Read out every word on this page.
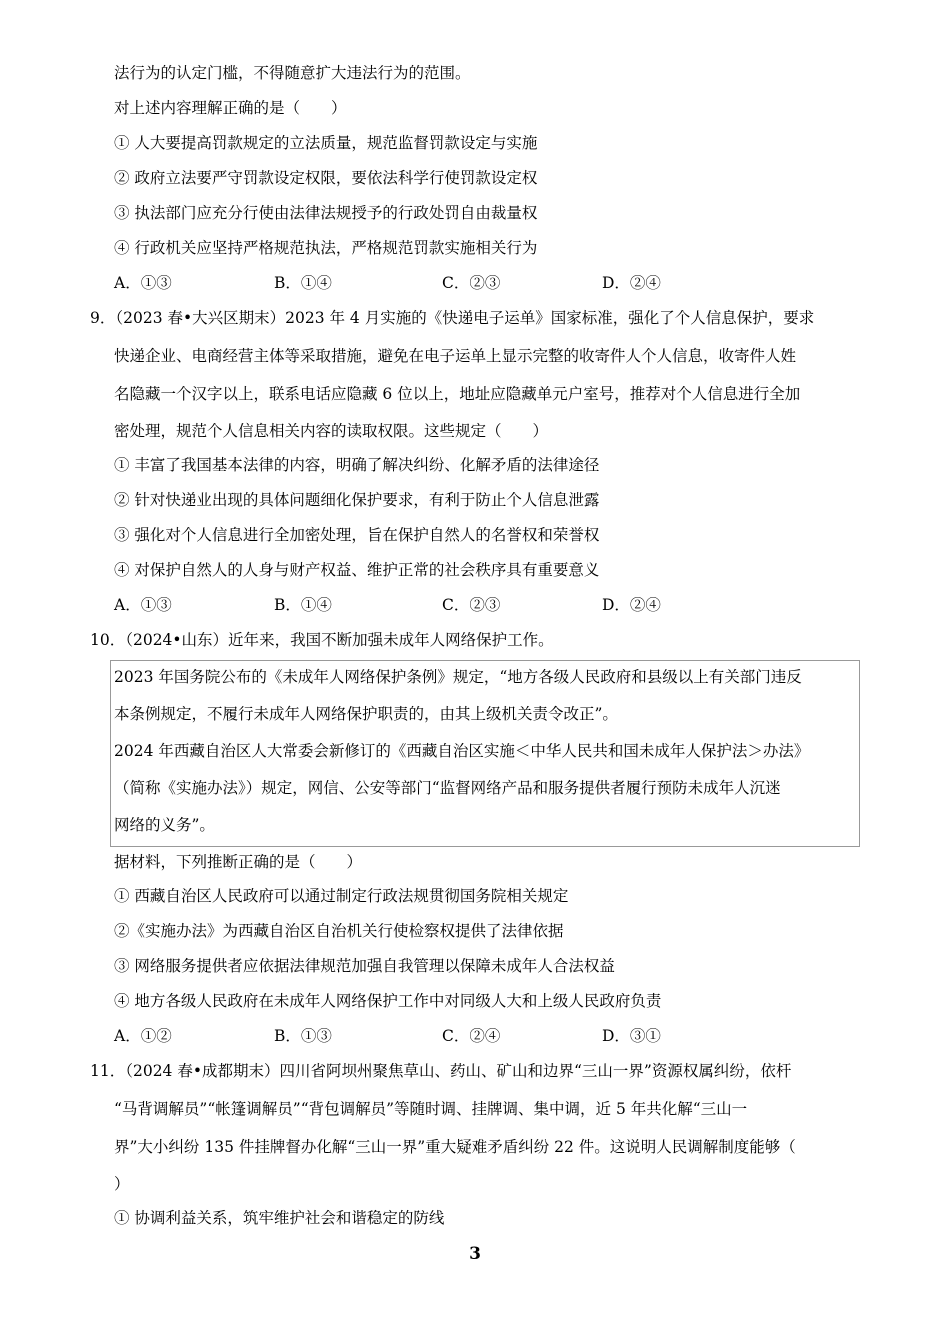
法行为的认定门槛，不得随意扩大违法行为的范围。
对上述内容理解正确的是（　　）
① 人大要提高罚款规定的立法质量，规范监督罚款设定与实施
② 政府立法要严守罚款设定权限，要依法科学行使罚款设定权
③ 执法部门应充分行使由法律法规授予的行政处罚自由裁量权
④ 行政机关应坚持严格规范执法，严格规范罚款实施相关行为
A．①③	B．①④	C．②③	D．②④
9．（2023 春•大兴区期末）2023 年 4 月实施的《快递电子运单》国家标准，强化了个人信息保护，要求
快递企业、电商经营主体等采取措施，避免在电子运单上显示完整的收寄件人个人信息，收寄件人姓
名隐藏一个汉字以上，联系电话应隐藏 6 位以上，地址应隐藏单元户室号，推荐对个人信息进行全加
密处理，规范个人信息相关内容的读取权限。这些规定（　　）
① 丰富了我国基本法律的内容，明确了解决纠纷、化解矛盾的法律途径
② 针对快递业出现的具体问题细化保护要求，有利于防止个人信息泄露
③ 强化对个人信息进行全加密处理，旨在保护自然人的名誉权和荣誉权
④ 对保护自然人的人身与财产权益、维护正常的社会秩序具有重要意义
A．①③	B．①④	C．②③	D．②④
10．（2024•山东）近年来，我国不断加强未成年人网络保护工作。
2023 年国务院公布的《未成年人网络保护条例》规定，“地方各级人民政府和县级以上有关部门违反
本条例规定，不履行未成年人网络保护职责的，由其上级机关责令改正”。
2024 年西藏自治区人大常委会新修订的《西藏自治区实施＜中华人民共和国未成年人保护法＞办法》
（简称《实施办法》）规定，网信、公安等部门“监督网络产品和服务提供者履行预防未成年人沉迷
网络的义务”。
据材料，下列推断正确的是（　　）
① 西藏自治区人民政府可以通过制定行政法规贯彻国务院相关规定
②《实施办法》为西藏自治区自治机关行使检察权提供了法律依据
③ 网络服务提供者应依据法律规范加强自我管理以保障未成年人合法权益
④ 地方各级人民政府在未成年人网络保护工作中对同级人大和上级人民政府负责
A．①②	B．①③	C．②④	D．③①
11．（2024 春•成都期末）四川省阿坝州聚焦草山、药山、矿山和边界“三山一界”资源权属纠纷，依杆
“马背调解员”“帐篷调解员”“背包调解员”等随时调、挂牌调、集中调，近 5 年共化解“三山一
界”大小纠纷 135 件挂牌督办化解“三山一界”重大疑难矛盾纠纷 22 件。这说明人民调解制度能够（
）
① 协调利益关系，筑牢维护社会和谐稳定的防线
3
